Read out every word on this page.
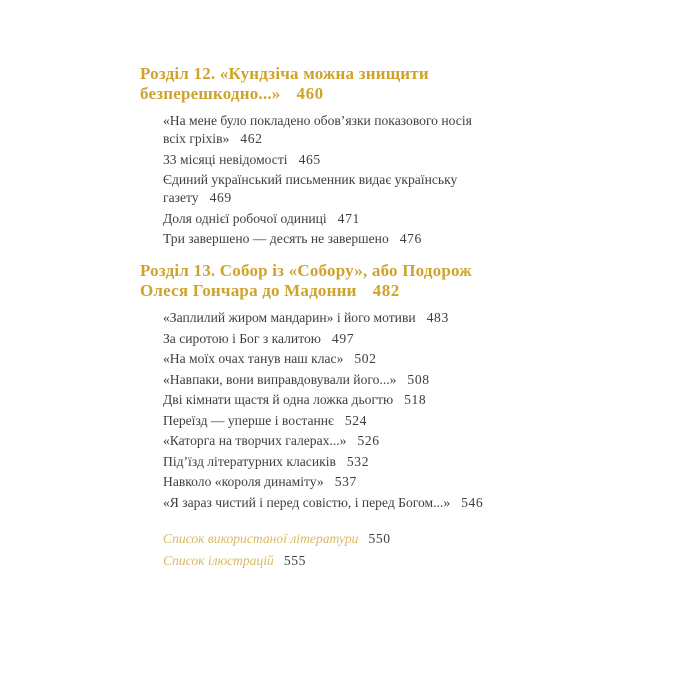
Розділ 12. «Кундзіча можна знищити
безперешкодно...» 460
«На мене було покладено обов’язки показового носія
всіх гріхів» 462
33 місяці невідомості 465
Єдиний український письменник видає українську
газету 469
Доля однієї робочої одиниці 471
Три завершено — десять не завершено 476
Розділ 13. Собор із «Собору», або Подорож
Олеся Гончара до Мадонни 482
«Заплилий жиром мандарин» і його мотиви 483
За сиротою і Бог з калитою 497
«На моїх очах танув наш клас» 502
«Навпаки, вони виправдовували його...» 508
Дві кімнати щастя й одна ложка дьогтю 518
Переїзд — уперше і востаннє 524
«Каторга на творчих галерах...» 526
Під’їзд літературних класиків 532
Навколо «короля динаміту» 537
«Я зараз чистий і перед совістю, і перед Богом...» 546
Список використаної літератури 550
Список ілюстрацій 555
